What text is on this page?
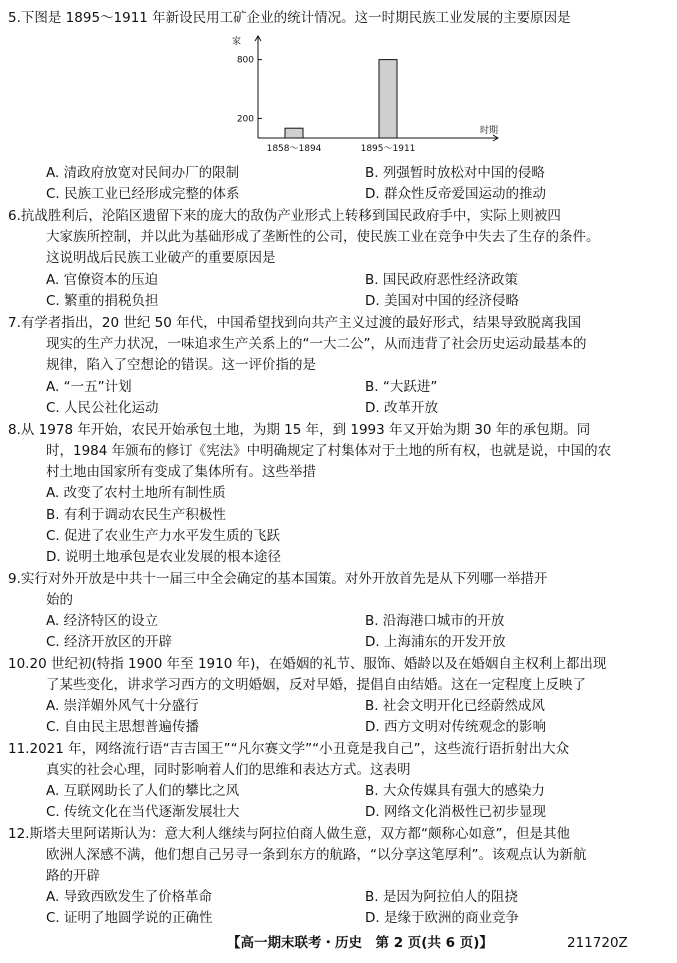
5.下图是 1895～1911 年新设民用工矿企业的统计情况。这一时期民族工业发展的主要原因是
家
时期
200
800
1858～1894	1895～1911
A. 清政府放宽对民间办厂的限制	B. 列强暂时放松对中国的侵略
C. 民族工业已经形成完整的体系	D. 群众性反帝爱国运动的推动
6.抗战胜利后，沦陷区遗留下来的庞大的敌伪产业形式上转移到国民政府手中，实际上则被四
大家族所控制，并以此为基础形成了垄断性的公司，使民族工业在竞争中失去了生存的条件。
这说明战后民族工业破产的重要原因是
A. 官僚资本的压迫	B. 国民政府恶性经济政策
C. 繁重的捐税负担	D. 美国对中国的经济侵略
7.有学者指出，20 世纪 50 年代，中国希望找到向共产主义过渡的最好形式，结果导致脱离我国
现实的生产力状况，一味追求生产关系上的“一大二公”，从而违背了社会历史运动最基本的
规律，陷入了空想论的错误。这一评价指的是
A. “一五”计划	B. “大跃进”
C. 人民公社化运动	D. 改革开放
8.从 1978 年开始，农民开始承包土地，为期 15 年，到 1993 年又开始为期 30 年的承包期。同
时，1984 年颁布的修订《宪法》中明确规定了村集体对于土地的所有权，也就是说，中国的农
村土地由国家所有变成了集体所有。这些举措
A. 改变了农村土地所有制性质
B. 有利于调动农民生产积极性
C. 促进了农业生产力水平发生质的飞跃
D. 说明土地承包是农业发展的根本途径
9.实行对外开放是中共十一届三中全会确定的基本国策。对外开放首先是从下列哪一举措开
始的
A. 经济特区的设立	B. 沿海港口城市的开放
C. 经济开放区的开辟	D. 上海浦东的开发开放
10.20 世纪初(特指 1900 年至 1910 年)，在婚姻的礼节、服饰、婚龄以及在婚姻自主权利上都出现
了某些变化，讲求学习西方的文明婚姻，反对早婚，提倡自由结婚。这在一定程度上反映了
A. 崇洋媚外风气十分盛行	B. 社会文明开化已经蔚然成风
C. 自由民主思想普遍传播	D. 西方文明对传统观念的影响
11.2021 年，网络流行语“吉吉国王”“凡尔赛文学”“小丑竟是我自己”，这些流行语折射出大众
真实的社会心理，同时影响着人们的思维和表达方式。这表明
A. 互联网助长了人们的攀比之风	B. 大众传媒具有强大的感染力
C. 传统文化在当代逐渐发展壮大	D. 网络文化消极性已初步显现
12.斯塔夫里阿诺斯认为：意大利人继续与阿拉伯商人做生意，双方都“颇称心如意”，但是其他
欧洲人深感不满，他们想自己另寻一条到东方的航路，“以分享这笔厚利”。该观点认为新航
路的开辟
A. 导致西欧发生了价格革命	B. 是因为阿拉伯人的阻挠
C. 证明了地圆学说的正确性	D. 是缘于欧洲的商业竞争
【高一期末联考・历史　第 2 页(共 6 页)】	211720Z
